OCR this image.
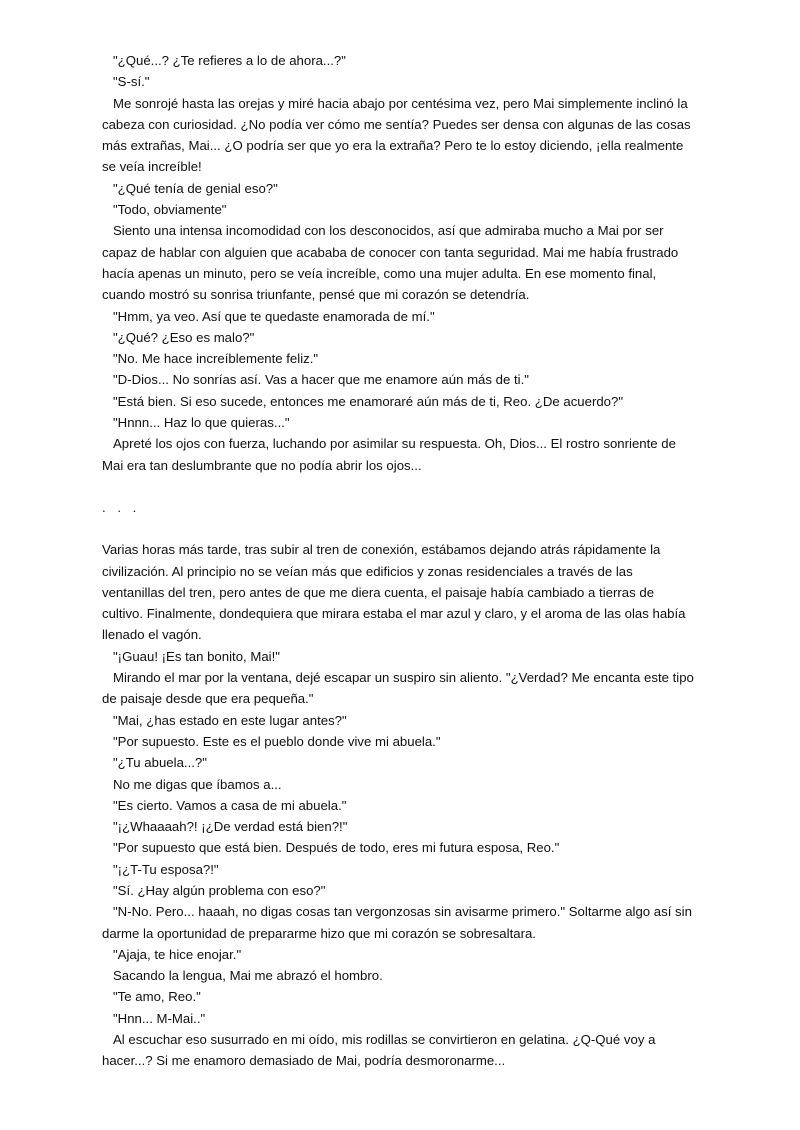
"¿Qué...? ¿Te refieres a lo de ahora...?"

"S-sí."

Me sonrojé hasta las orejas y miré hacia abajo por centésima vez, pero Mai simplemente inclinó la cabeza con curiosidad. ¿No podía ver cómo me sentía? Puedes ser densa con algunas de las cosas más extrañas, Mai... ¿O podría ser que yo era la extraña? Pero te lo estoy diciendo, ¡ella realmente se veía increíble!

"¿Qué tenía de genial eso?"

"Todo, obviamente"

Siento una intensa incomodidad con los desconocidos, así que admiraba mucho a Mai por ser capaz de hablar con alguien que acababa de conocer con tanta seguridad. Mai me había frustrado hacía apenas un minuto, pero se veía increíble, como una mujer adulta. En ese momento final, cuando mostró su sonrisa triunfante, pensé que mi corazón se detendría.

"Hmm, ya veo. Así que te quedaste enamorada de mí."

"¿Qué? ¿Eso es malo?"

"No. Me hace increíblemente feliz."

"D-Dios... No sonrías así. Vas a hacer que me enamore aún más de ti."

"Está bien. Si eso sucede, entonces me enamoraré aún más de ti, Reo. ¿De acuerdo?"

"Hnnn... Haz lo que quieras..."

Apreté los ojos con fuerza, luchando por asimilar su respuesta. Oh, Dios... El rostro sonriente de Mai era tan deslumbrante que no podía abrir los ojos...

. . .

Varias horas más tarde, tras subir al tren de conexión, estábamos dejando atrás rápidamente la civilización. Al principio no se veían más que edificios y zonas residenciales a través de las ventanillas del tren, pero antes de que me diera cuenta, el paisaje había cambiado a tierras de cultivo. Finalmente, dondequiera que mirara estaba el mar azul y claro, y el aroma de las olas había llenado el vagón.

"¡Guau! ¡Es tan bonito, Mai!"

Mirando el mar por la ventana, dejé escapar un suspiro sin aliento. "¿Verdad? Me encanta este tipo de paisaje desde que era pequeña."

"Mai, ¿has estado en este lugar antes?"

"Por supuesto. Este es el pueblo donde vive mi abuela."

"¿Tu abuela...?"

No me digas que íbamos a...

"Es cierto. Vamos a casa de mi abuela."

"¡¿Whaaaah?! ¡¿De verdad está bien?!"

"Por supuesto que está bien. Después de todo, eres mi futura esposa, Reo."

"¡¿T-Tu esposa?!"

"Sí. ¿Hay algún problema con eso?"

"N-No. Pero... haaah, no digas cosas tan vergonzosas sin avisarme primero." Soltarme algo así sin darme la oportunidad de prepararme hizo que mi corazón se sobresaltara.

"Ajaja, te hice enojar."

Sacando la lengua, Mai me abrazó el hombro.

"Te amo, Reo."

"Hnn... M-Mai.."

Al escuchar eso susurrado en mi oído, mis rodillas se convirtieron en gelatina. ¿Q-Qué voy a hacer...? Si me enamoro demasiado de Mai, podría desmoronarme...
